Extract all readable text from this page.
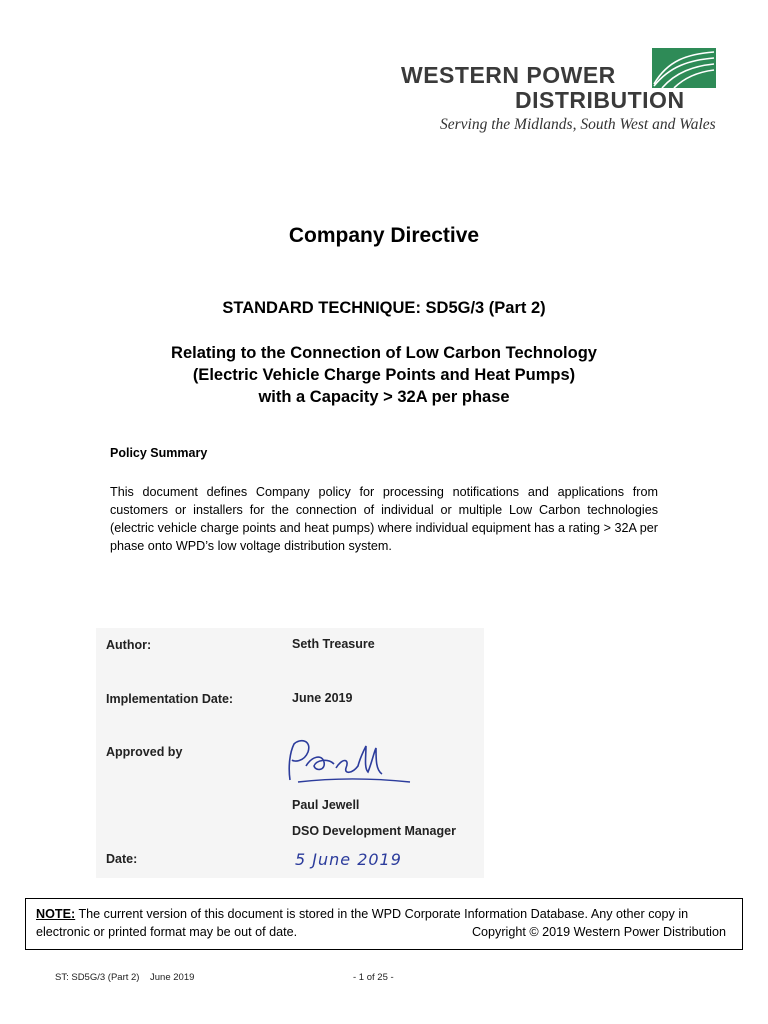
WESTERN POWER
DISTRIBUTION
Serving the Midlands, South West and Wales
Company Directive
STANDARD TECHNIQUE: SD5G/3 (Part 2)
Relating to the Connection of Low Carbon Technology
(Electric Vehicle Charge Points and Heat Pumps)
with a Capacity > 32A per phase
Policy Summary
This document defines Company policy for processing notifications and applications from customers or installers for the connection of individual or multiple Low Carbon technologies (electric vehicle charge points and heat pumps) where individual equipment has a rating > 32A per phase onto WPD’s low voltage distribution system.
Author:	Seth Treasure
Implementation Date:	June 2019
Approved by
Paul Jewell
DSO Development Manager
Date:	5 June 2019
NOTE: The current version of this document is stored in the WPD Corporate Information Database. Any other copy in electronic or printed format may be out of date.	Copyright © 2019 Western Power Distribution
ST: SD5G/3 (Part 2)    June 2019	- 1 of 25 -
